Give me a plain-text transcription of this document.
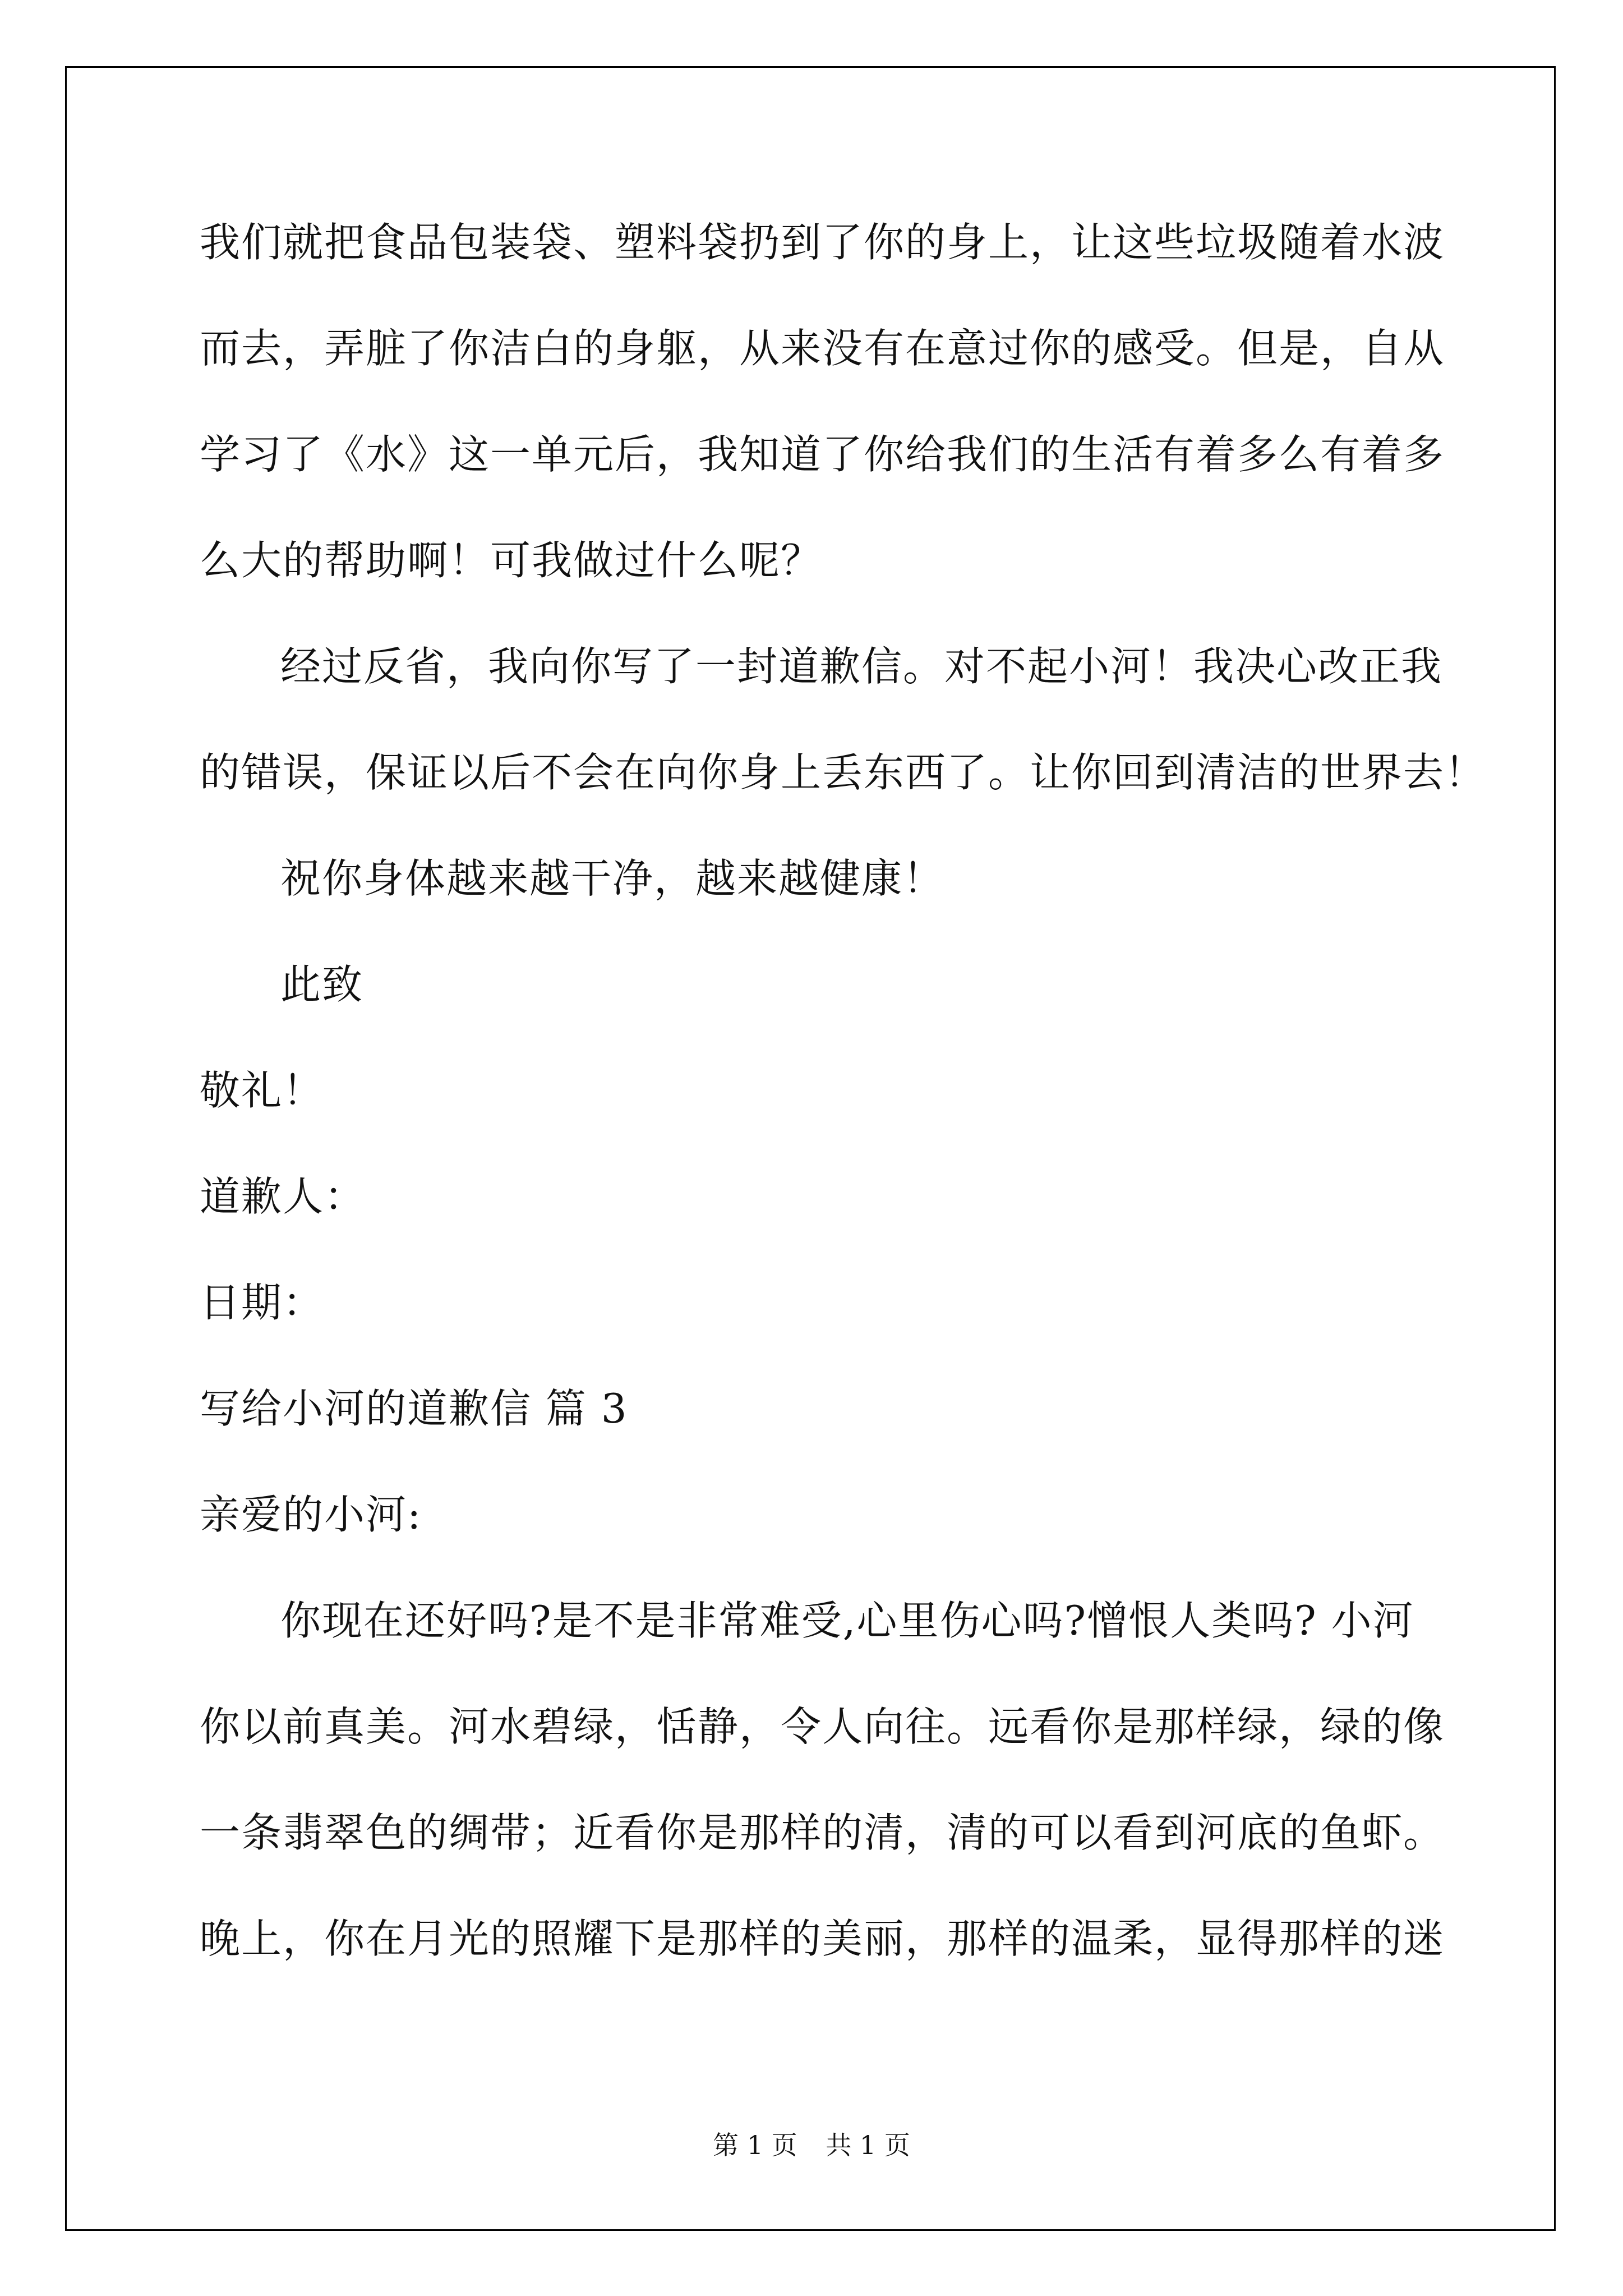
我们就把食品包装袋、塑料袋扔到了你的身上，让这些垃圾随着水波
而去，弄脏了你洁白的身躯，从来没有在意过你的感受。但是，自从
学习了《水》这一单元后，我知道了你给我们的生活有着多么有着多
么大的帮助啊！可我做过什么呢？
经过反省，我向你写了一封道歉信。对不起小河！我决心改正我
的错误，保证以后不会在向你身上丢东西了。让你回到清洁的世界去！
祝你身体越来越干净，越来越健康！
此致
敬礼！
道歉人：
日期：
写给小河的道歉信 篇 3
亲爱的小河:
你现在还好吗?是不是非常难受,心里伤心吗?憎恨人类吗? 小河
你以前真美。河水碧绿，恬静，令人向往。远看你是那样绿，绿的像
一条翡翠色的绸带；近看你是那样的清，清的可以看到河底的鱼虾。
晚上，你在月光的照耀下是那样的美丽，那样的温柔，显得那样的迷
第 1 页 共 1 页
